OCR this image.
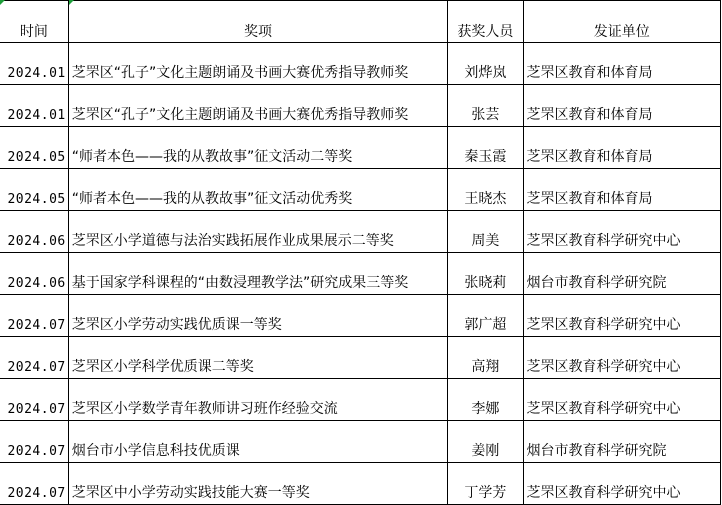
时间	奖项	获奖人员	发证单位
2024.01	芝罘区“孔子”文化主题朗诵及书画大赛优秀指导教师奖	刘烨岚	芝罘区教育和体育局
2024.01	芝罘区“孔子”文化主题朗诵及书画大赛优秀指导教师奖	张芸	芝罘区教育和体育局
2024.05	“师者本色——我的从教故事”征文活动二等奖	秦玉霞	芝罘区教育和体育局
2024.05	“师者本色——我的从教故事”征文活动优秀奖	王晓杰	芝罘区教育和体育局
2024.06	芝罘区小学道德与法治实践拓展作业成果展示二等奖	周美	芝罘区教育科学研究中心
2024.06	基于国家学科课程的“由数浸理教学法”研究成果三等奖	张晓莉	烟台市教育科学研究院
2024.07	芝罘区小学劳动实践优质课一等奖	郭广超	芝罘区教育科学研究中心
2024.07	芝罘区小学科学优质课二等奖	高翔	芝罘区教育科学研究中心
2024.07	芝罘区小学数学青年教师讲习班作经验交流	李娜	芝罘区教育科学研究中心
2024.07	烟台市小学信息科技优质课	姜刚	烟台市教育科学研究院
2024.07	芝罘区中小学劳动实践技能大赛一等奖	丁学芳	芝罘区教育科学研究中心
